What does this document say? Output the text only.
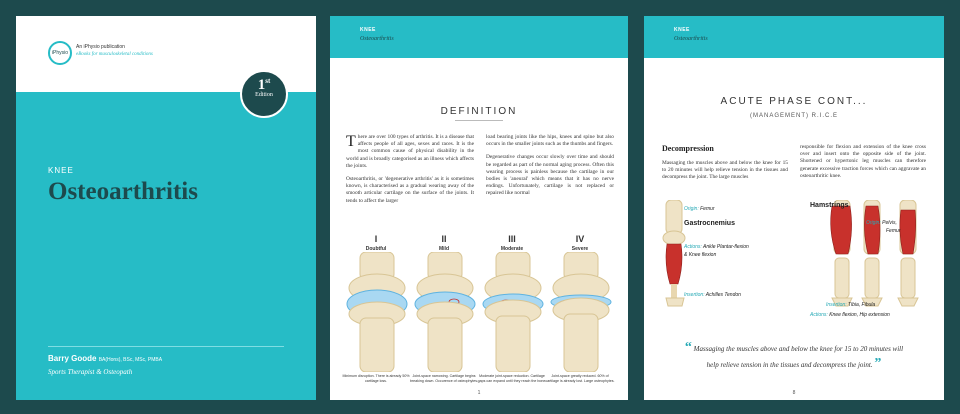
iPhysio
An iPhysio publication
eBooks for musculoskeletal conditions
1st
Edition
KNEE
Osteoarthritis
Barry Goode BA(Hons), BSc, MSc, PMBA
Sports Therapist & Osteopath
KNEE
Osteoarthritis
DEFINITION

There are over 100 types of arthritis. It is a disease that affects people of all ages, sexes and races. It is the most common cause of physical disability in the world and is broadly categorised as an illness which affects the joints.

Osteoarthritis, or 'degenerative arthritis' as it is sometimes known, is characterised as a gradual wearing away of the smooth articular cartilage on the surface of the joints. It tends to affect the larger

load bearing joints like the hips, knees and spine but also occurs in the smaller joints such as the thumbs and fingers.

Degenerative changes occur slowly over time and should be regarded as part of the normal aging process. Often this wearing process is painless because the cartilage in our bodies is 'aneural' which means that it has no nerve endings. Unfortunately, cartilage is not replaced or repaired like normal

I
Doubtful
II
Mild
III
Moderate
IV
Severe
Minimum disruption. There is already 50% cartilage loss.
Joint-space narrowing. Cartilage begins breaking down. Occurence of osteophytes.
Moderate joint-space reduction. Cartilage gaps can expand until they reach the bone.
Joint-space greatly reduced. 60% of cartilage is already lost. Large osteophytes.
1
KNEE
Osteoarthritis
ACUTE PHASE CONT...
(MANAGEMENT) R.I.C.E
Decompression

Massaging the muscles above and below the knee for 15 to 20 minutes will help relieve tension in the tissues and decompress the joint. The large muscles

responsible for flexion and extension of the knee cross over and insert onto the opposite side of the joint. Shortened or hypertonic leg muscles can therefore generate excessive traction forces which can aggravate an osteoarthritic knee.

Origin: Femur
Gastrocnemius
Actions: Ankle Plantar-flexion
& Knee flexion
Insertion: Achilles Tendon
Hamstrings
Origin: Pelvis,
Femur
Insertion: Tibia, Fibula
Actions: Knee flexion, Hip extension
“ Massaging the muscles above and below the knee for 15 to 20 minutes will help relieve tension in the tissues and decompress the joint. ”
8
